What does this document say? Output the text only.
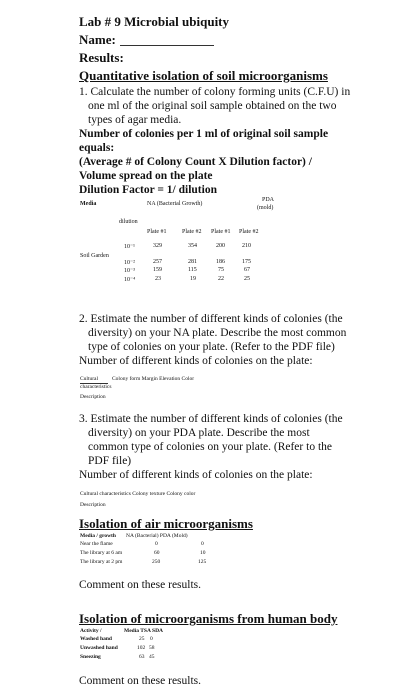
Lab # 9 Microbial ubiquity
Name:
Results:
Quantitative isolation of soil microorganisms
1. Calculate the number of colony forming units (C.F.U) in
one ml of the original soil sample obtained on the two
types of agar media.
Number of colonies per 1 ml of original soil sample
equals:
(Average # of Colony Count X Dilution factor) /
Volume spread on the plate
Dilution Factor = 1/ dilution
Media	NA (Bacterial Growth)
PDA
(mold)
dilution
Plate #1	Plate #2 Plate #1 Plate #2
Soil Garden
10⁻¹	329	354	200	210
10⁻²	257	281	186	175
10⁻³	159	115	75	67
10⁻⁴	23	19	22	25
2. Estimate the number of different kinds of colonies (the
diversity) on your NA plate. Describe the most common
type of colonies on your plate. (Refer to the PDF file)
Number of different kinds of colonies on the plate:
Cultural
characteristics
Colony form Margin Elevation Color
Description
3. Estimate the number of different kinds of colonies (the
diversity) on your PDA plate. Describe the most
common type of colonies on your plate. (Refer to the
PDF file)
Number of different kinds of colonies on the plate:
Cultural characteristics Colony texture Colony color
Description
Isolation of air microorganisms
Media / growth NA (Bacterial) PDA (Mold)
Near the flame	0	0
The library at 6 am	60	10
The library at 2 pm	250	125
Comment on these results.
Isolation of microorganisms from human body
Activity /	Media TSA SDA
Washed hand	25 0
Unwashed hand	102 58
Sneezing	63 45
Comment on these results.
